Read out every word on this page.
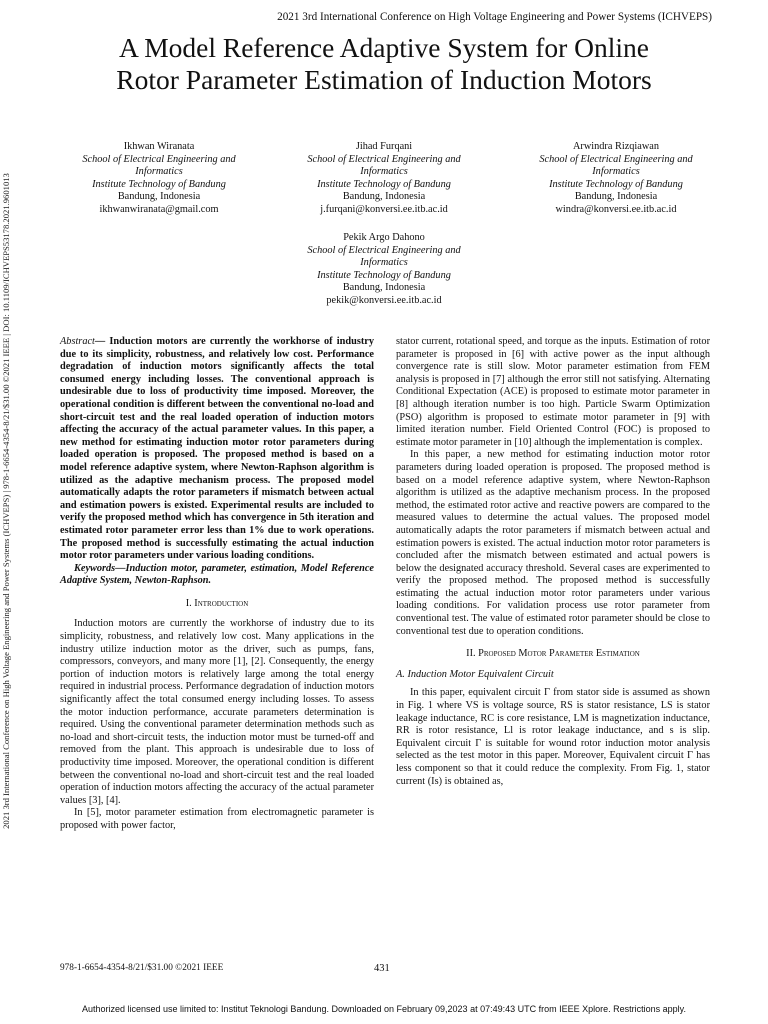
2021 3rd International Conference on High Voltage Engineering and Power Systems (ICHVEPS)
A Model Reference Adaptive System for Online
Rotor Parameter Estimation of Induction Motors
2021 3rd International Conference on High Voltage Engineering and Power Systems (ICHVEPS) | 978-1-6654-4354-8/21/$31.00 ©2021 IEEE | DOI: 10.1109/ICHVEPS53178.2021.9601013
Ikhwan Wiranata
School of Electrical Engineering and
Informatics
Institute Technology of Bandung
Bandung, Indonesia
ikhwanwiranata@gmail.com
Jihad Furqani
School of Electrical Engineering and
Informatics
Institute Technology of Bandung
Bandung, Indonesia
j.furqani@konversi.ee.itb.ac.id
Arwindra Rizqiawan
School of Electrical Engineering and
Informatics
Institute Technology of Bandung
Bandung, Indonesia
windra@konversi.ee.itb.ac.id
Pekik Argo Dahono
School of Electrical Engineering and
Informatics
Institute Technology of Bandung
Bandung, Indonesia
pekik@konversi.ee.itb.ac.id

Abstract— Induction motors are currently the workhorse of industry due to its simplicity, robustness, and relatively low cost. Performance degradation of induction motors significantly affects the total consumed energy including losses. The conventional approach is undesirable due to loss of productivity time imposed. Moreover, the operational condition is different between the conventional no-load and short-circuit test and the real loaded operation of induction motors affecting the accuracy of the actual parameter values. In this paper, a new method for estimating induction motor rotor parameters during loaded operation is proposed. The proposed method is based on a model reference adaptive system, where Newton-Raphson algorithm is utilized as the adaptive mechanism process. The proposed model automatically adapts the rotor parameters if mismatch between actual and estimation powers is existed. Experimental results are included to verify the proposed method which has convergence in 5th iteration and estimated rotor parameter error less than 1% due to work operations. The proposed method is successfully estimating the actual induction motor rotor parameters under various loading conditions.

Keywords—Induction motor, parameter, estimation, Model Reference Adaptive System, Newton-Raphson.

I. Introduction

Induction motors are currently the workhorse of industry due to its simplicity, robustness, and relatively low cost. Many applications in the industry utilize induction motor as the driver, such as pumps, fans, compressors, conveyors, and many more [1], [2]. Consequently, the energy portion of induction motors is relatively large among the total energy required in industrial process. Performance degradation of induction motors significantly affect the total consumed energy including losses. To assess the motor induction performance, accurate parameters determination is required. Using the conventional parameter determination methods such as no-load and short-circuit tests, the induction motor must be turned-off and removed from the plant. This approach is undesirable due to loss of productivity time imposed. Moreover, the operational condition is different between the conventional no-load and short-circuit test and the real loaded operation of induction motors affecting the accuracy of the actual parameter values [3], [4].

In [5], motor parameter estimation from electromagnetic parameter is proposed with power factor,

stator current, rotational speed, and torque as the inputs. Estimation of rotor parameter is proposed in [6] with active power as the input although convergence rate is still slow. Motor parameter estimation from FEM analysis is proposed in [7] although the error still not satisfying. Alternating Conditional Expectation (ACE) is proposed to estimate motor parameter in [8] although iteration number is too high. Particle Swarm Optimization (PSO) algorithm is proposed to estimate motor parameter in [9] with limited iteration number. Field Oriented Control (FOC) is proposed to estimate motor parameter in [10] although the implementation is complex.

In this paper, a new method for estimating induction motor rotor parameters during loaded operation is proposed. The proposed method is based on a model reference adaptive system, where Newton-Raphson algorithm is utilized as the adaptive mechanism process. In the proposed method, the estimated rotor active and reactive powers are compared to the measured values to determine the actual values. The proposed model automatically adapts the rotor parameters if mismatch between actual and estimation powers is existed. The actual induction motor rotor parameters is concluded after the mismatch between estimated and actual powers is below the designated accuracy threshold. Several cases are experimented to verify the proposed method. The proposed method is successfully estimating the actual induction motor rotor parameters under various loading conditions. For validation process use rotor parameter from conventional test. The value of estimated rotor parameter should be close to conventional test due to operation conditions.

II. Proposed Motor Parameter Estimation

A. Induction Motor Equivalent Circuit

In this paper, equivalent circuit Γ from stator side is assumed as shown in Fig. 1 where VS is voltage source, RS is stator resistance, LS is stator leakage inductance, RC is core resistance, LM is magnetization inductance, RR is rotor resistance, Ll is rotor leakage inductance, and s is slip. Equivalent circuit Γ is suitable for wound rotor induction motor analysis selected as the test motor in this paper. Moreover, Equivalent circuit Γ has less component so that it could reduce the complexity. From Fig. 1, stator current (Is) is obtained as,

978-1-6654-4354-8/21/$31.00 ©2021 IEEE	431
Authorized licensed use limited to: Institut Teknologi Bandung. Downloaded on February 09,2023 at 07:49:43 UTC from IEEE Xplore. Restrictions apply.
